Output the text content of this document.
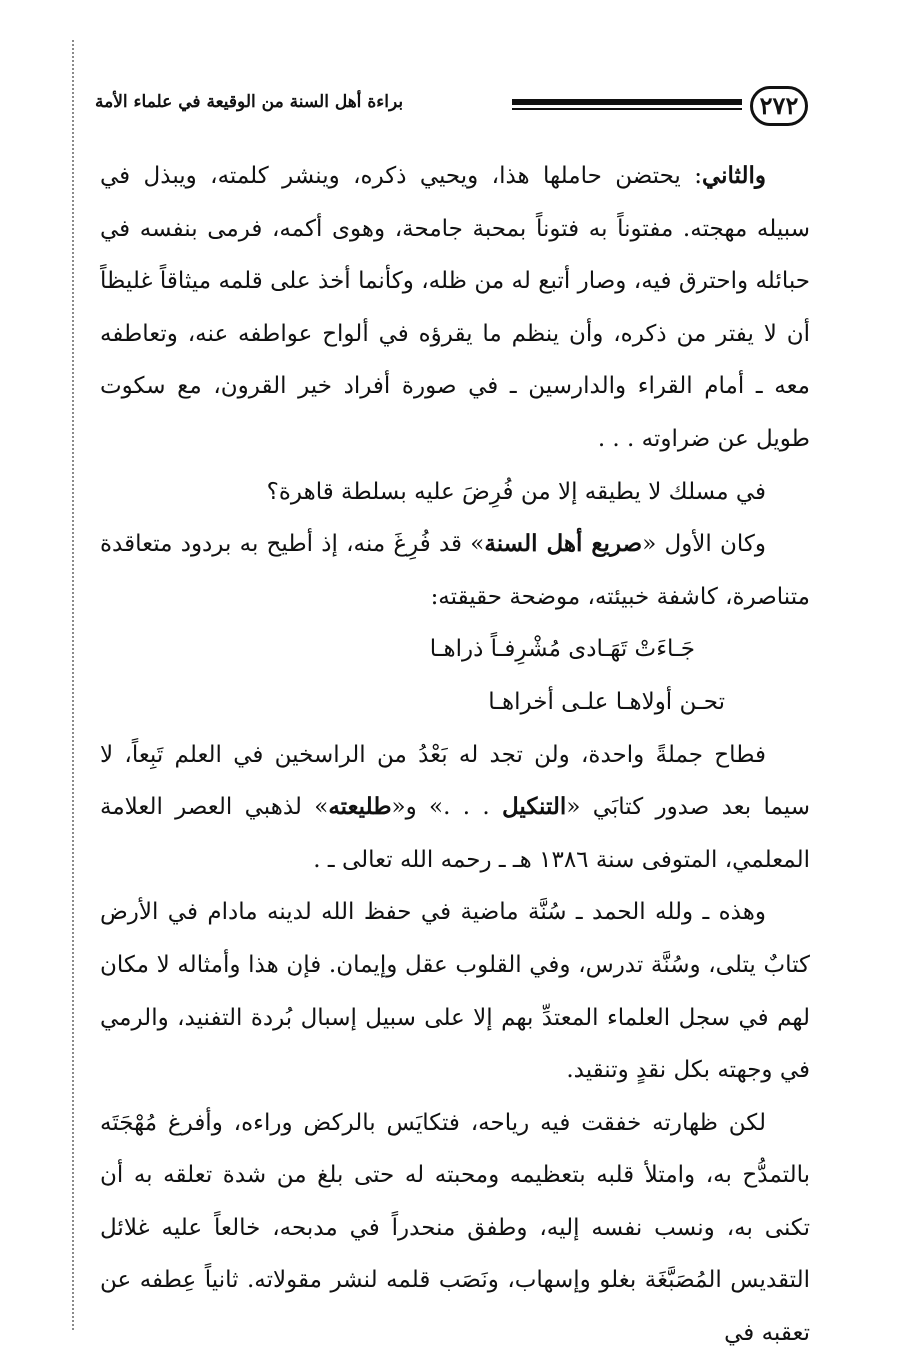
٢٧٢
براءة أهل السنة من الوقيعة في علماء الأمة

والثاني: يحتضن حاملها هذا، ويحيي ذكره، وينشر كلمته، ويبذل في سبيله مهجته. مفتوناً به فتوناً بمحبة جامحة، وهوى أكمه، فرمى بنفسه في حبائله واحترق فيه، وصار أتبع له من ظله، وكأنما أخذ على قلمه ميثاقاً غليظاً أن لا يفتر من ذكره، وأن ينظم ما يقرؤه في ألواح عواطفه عنه، وتعاطفه معه ـ أمام القراء والدارسين ـ في صورة أفراد خير القرون، مع سكوت طويل عن ضراوته . . .

في مسلك لا يطيقه إلا من فُرِضَ عليه بسلطة قاهرة؟

وكان الأول «صريع أهل السنة» قد فُرِغَ منه، إذ أطيح به بردود متعاقدة متناصرة، كاشفة خبيئته، موضحة حقيقته:

جَـاءَتْ تَهَـادى مُشْرِفـاً ذراهـا
تحـن أولاهـا علـى أخراهـا

فطاح جملةً واحدة، ولن تجد له بَعْدُ من الراسخين في العلم تَبِعاً، لا سيما بعد صدور كتابَي «التنكيل . . .» و«طليعته» لذهبي العصر العلامة المعلمي، المتوفى سنة ١٣٨٦ هـ ـ رحمه الله تعالى ـ .

وهذه ـ ولله الحمد ـ سُنَّة ماضية في حفظ الله لدينه مادام في الأرض كتابٌ يتلى، وسُنَّة تدرس، وفي القلوب عقل وإيمان. فإن هذا وأمثاله لا مكان لهم في سجل العلماء المعتدِّ بهم إلا على سبيل إسبال بُردة التفنيد، والرمي في وجهته بكل نقدٍ وتنقيد.

لكن ظهارته خفقت فيه رياحه، فتكايَس بالركض وراءه، وأفرغ مُهْجَتَه بالتمدُّح به، وامتلأ قلبه بتعظيمه ومحبته له حتى بلغ من شدة تعلقه به أن تكنى به، ونسب نفسه إليه، وطفق منحدراً في مدبحه، خالعاً عليه غلائل التقديس المُصَبَّغَة بغلو وإسهاب، ونَصَب قلمه لنشر مقولاته. ثانياً عِطفه عن تعقبه في
